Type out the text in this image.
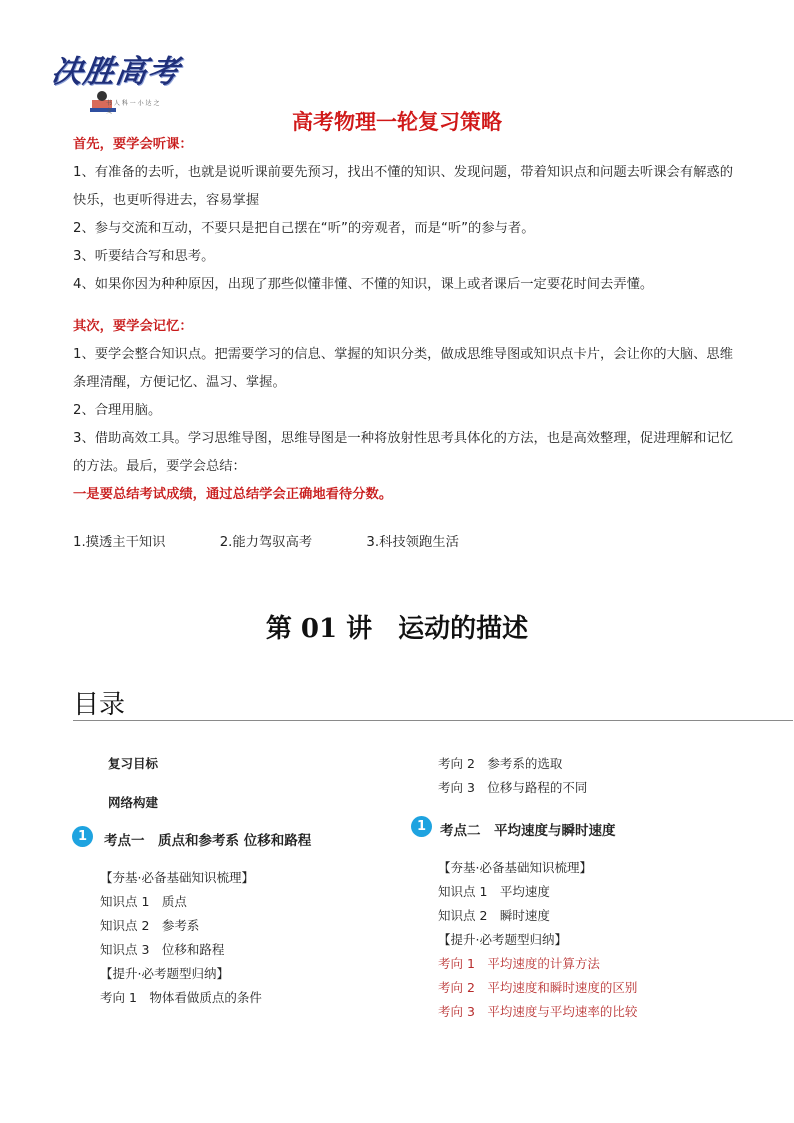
决胜高考
书 人 科 一 小 达 之 文	高考物理一轮复习策略
首先，要学会听课：
1、有准备的去听，也就是说听课前要先预习，找出不懂的知识、发现问题，带着知识点和问题去听课会有解惑的快乐，也更听得进去，容易掌握
2、参与交流和互动，不要只是把自己摆在“听”的旁观者，而是“听”的参与者。
3、听要结合写和思考。
4、如果你因为种种原因，出现了那些似懂非懂、不懂的知识，课上或者课后一定要花时间去弄懂。
其次，要学会记忆：
1、要学会整合知识点。把需要学习的信息、掌握的知识分类，做成思维导图或知识点卡片，会让你的大脑、思维条理清醒，方便记忆、温习、掌握。
2、合理用脑。
3、借助高效工具。学习思维导图，思维导图是一种将放射性思考具体化的方法，也是高效整理，促进理解和记忆的方法。最后，要学会总结：
一是要总结考试成绩，通过总结学会正确地看待分数。
1.摸透主干知识	2.能力驾驭高考	3.科技领跑生活
第 01 讲　运动的描述
目录
复习目标
网络构建
1	考点一　质点和参考系 位移和路程
【夯基·必备基础知识梳理】
知识点 1　质点
知识点 2　参考系
知识点 3　位移和路程
【提升·必考题型归纳】
考向 1　物体看做质点的条件
考向 2　参考系的选取
考向 3　位移与路程的不同
1	考点二　平均速度与瞬时速度
【夯基·必备基础知识梳理】
知识点 1　平均速度
知识点 2　瞬时速度
【提升·必考题型归纳】
考向 1　平均速度的计算方法
考向 2　平均速度和瞬时速度的区别
考向 3　平均速度与平均速率的比较
